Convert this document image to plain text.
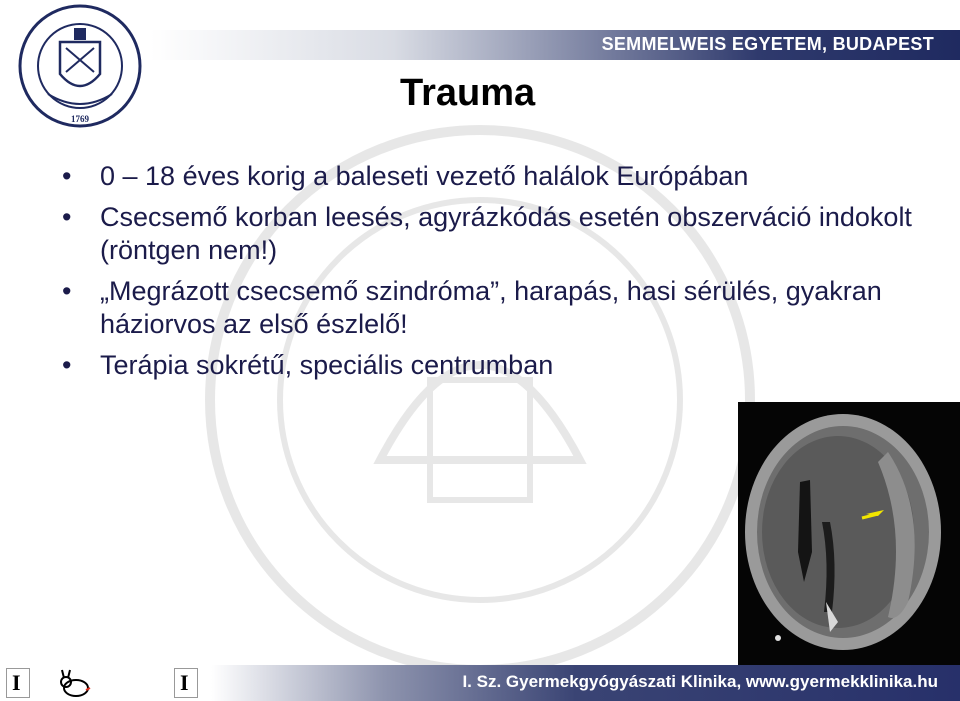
SEMMELWEIS EGYETEM, BUDAPEST
1769
Trauma
• 0 – 18 éves korig a baleseti vezető halálok Európában
• Csecsemő korban leesés, agyrázkódás esetén obszerváció indokolt (röntgen nem!)
• „Megrázott csecsemő szindróma”, harapás, hasi sérülés, gyakran háziorvos az első észlelő!
• Terápia sokrétű, speciális centrumban
I	I	I. Sz. Gyermekgyógyászati Klinika, www.gyermekklinika.hu
